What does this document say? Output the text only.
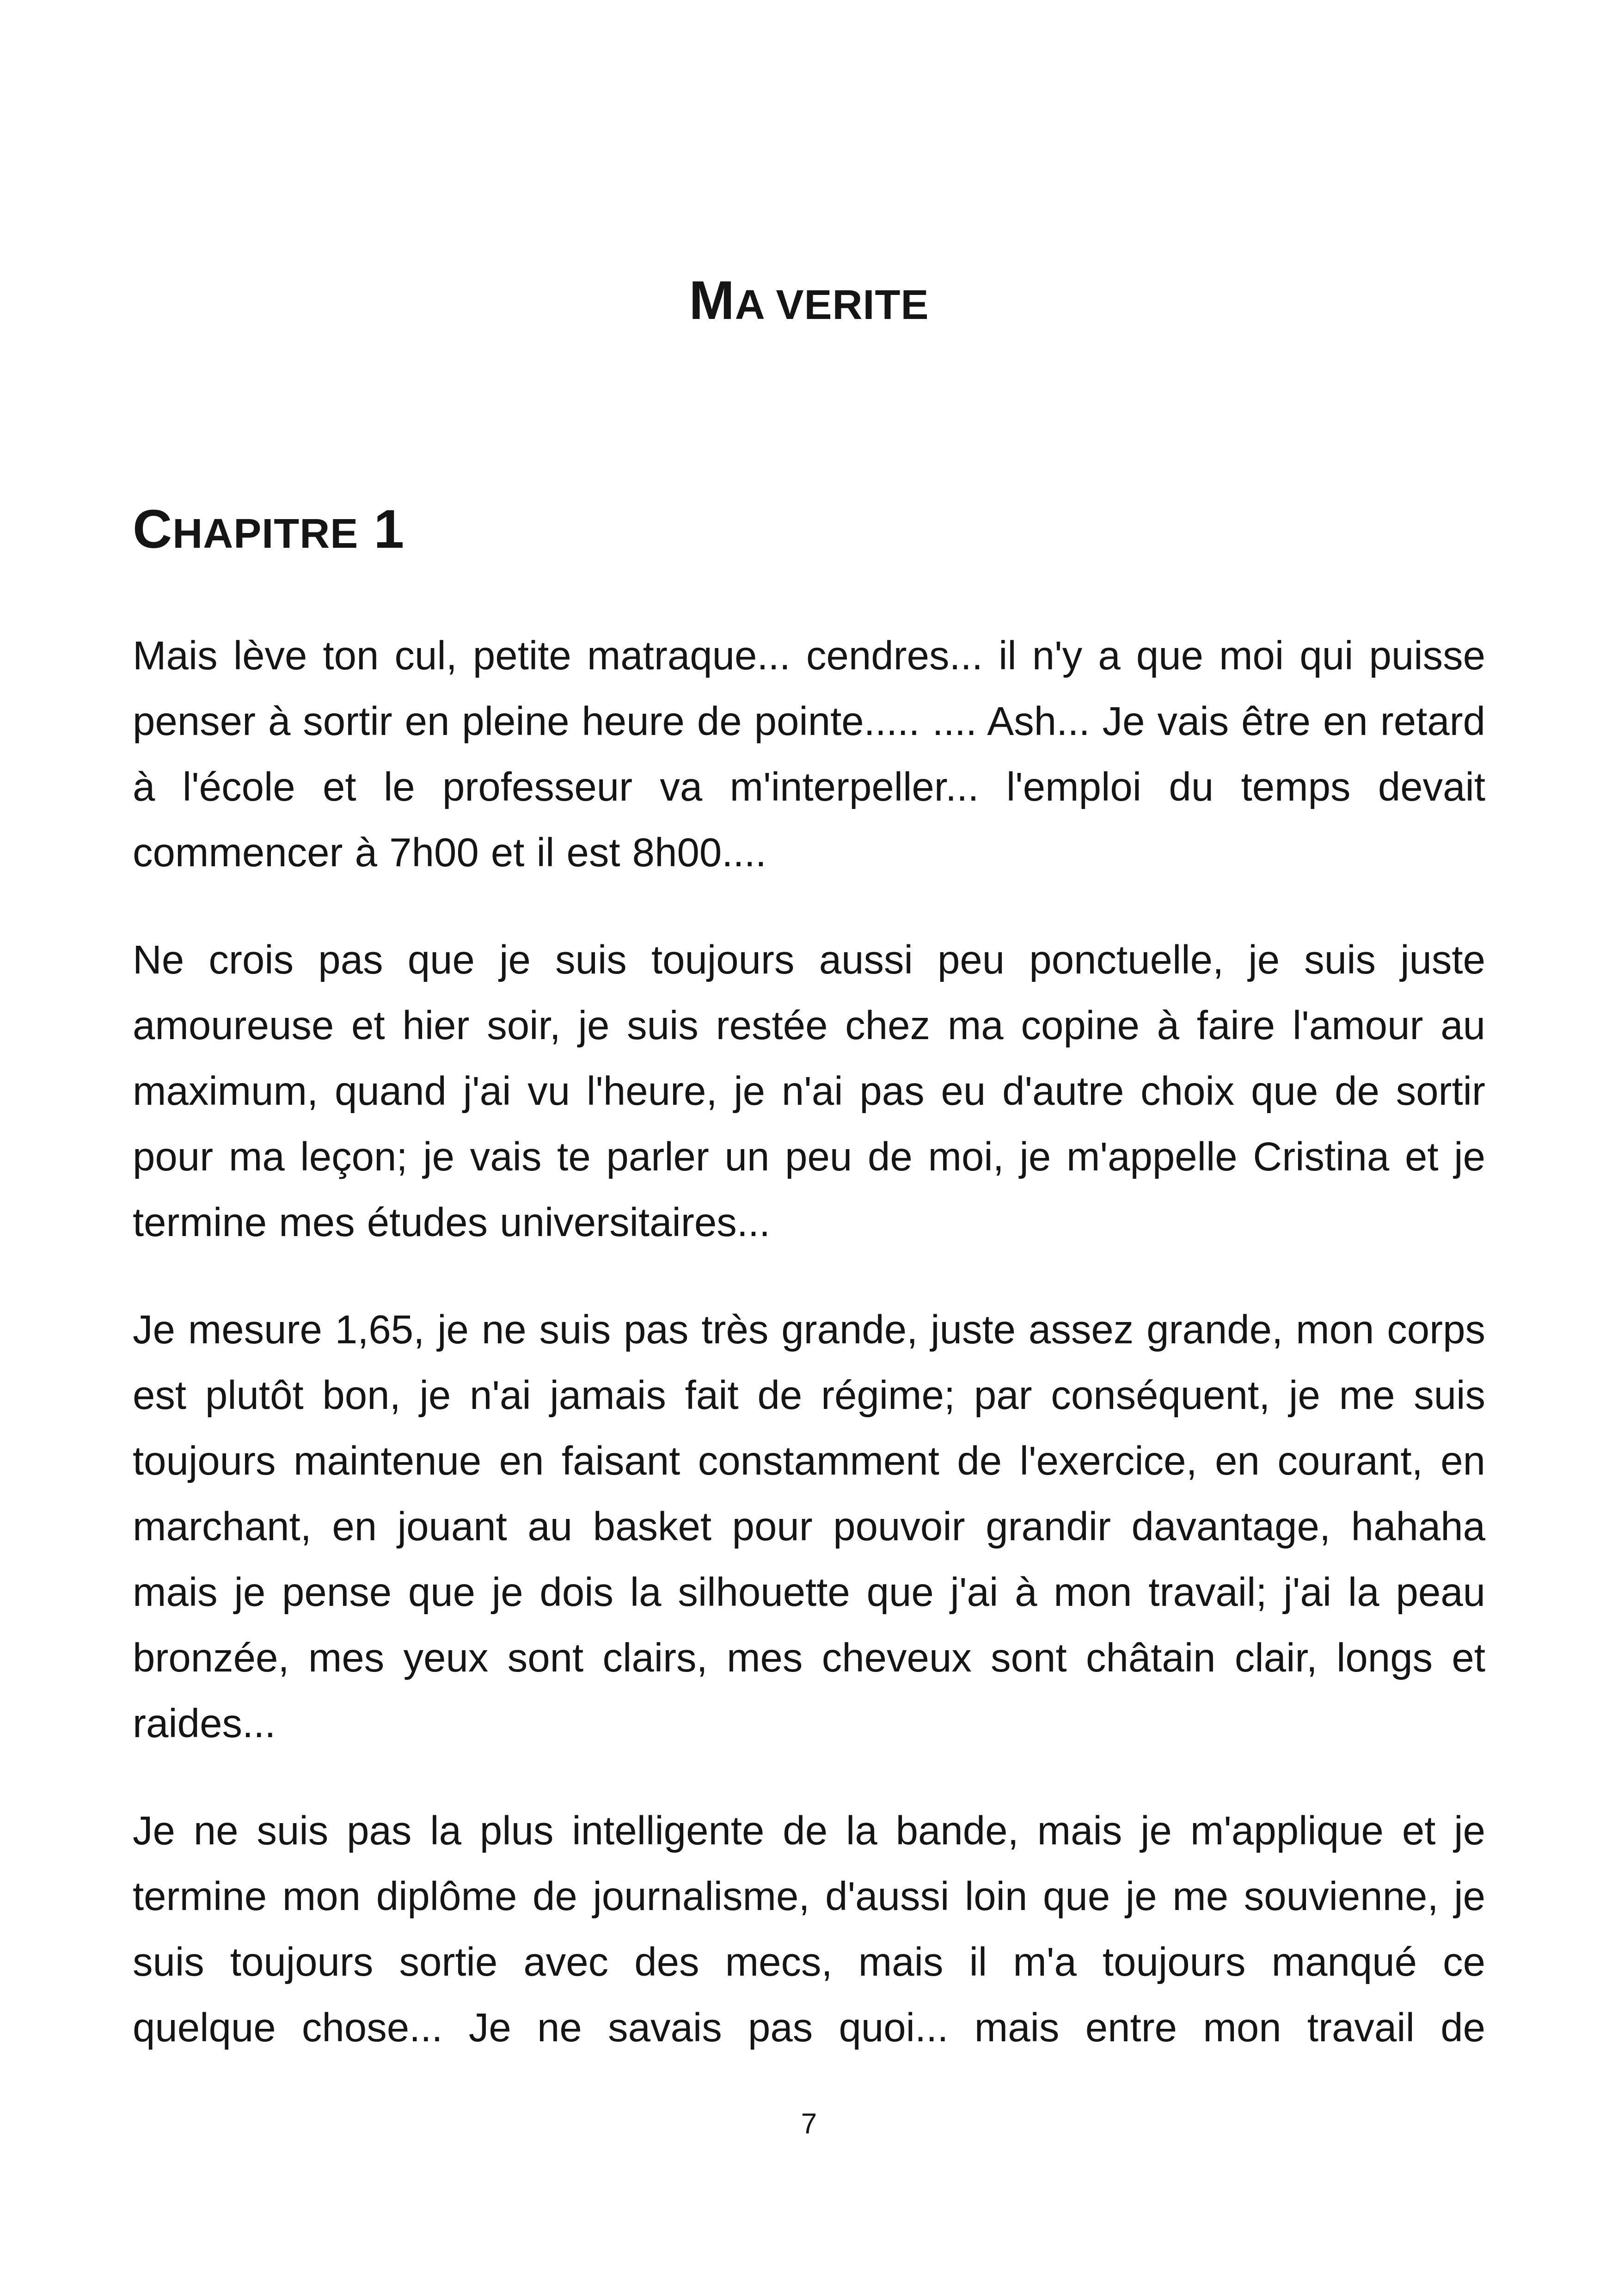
MA VERITE
CHAPITRE 1

Mais lève ton cul, petite matraque... cendres... il n'y a que moi qui puisse penser à sortir en pleine heure de pointe..... .... Ash... Je vais être en retard à l'école et le professeur va m'interpeller... l'emploi du temps devait commencer à 7h00 et il est 8h00....

Ne crois pas que je suis toujours aussi peu ponctuelle, je suis juste amoureuse et hier soir, je suis restée chez ma copine à faire l'amour au maximum, quand j'ai vu l'heure, je n'ai pas eu d'autre choix que de sortir pour ma leçon; je vais te parler un peu de moi, je m'appelle Cristina et je termine mes études universitaires...

Je mesure 1,65, je ne suis pas très grande, juste assez grande, mon corps est plutôt bon, je n'ai jamais fait de régime; par conséquent, je me suis toujours maintenue en faisant constamment de l'exercice, en courant, en marchant, en jouant au basket pour pouvoir grandir davantage, hahaha mais je pense que je dois la silhouette que j'ai à mon travail; j'ai la peau bronzée, mes yeux sont clairs, mes cheveux sont châtain clair, longs et raides...

Je ne suis pas la plus intelligente de la bande, mais je m'applique et je termine mon diplôme de journalisme, d'aussi loin que je me souvienne, je suis toujours sortie avec des mecs, mais il m'a toujours manqué ce quelque chose... Je ne savais pas quoi... mais entre mon travail de

7
